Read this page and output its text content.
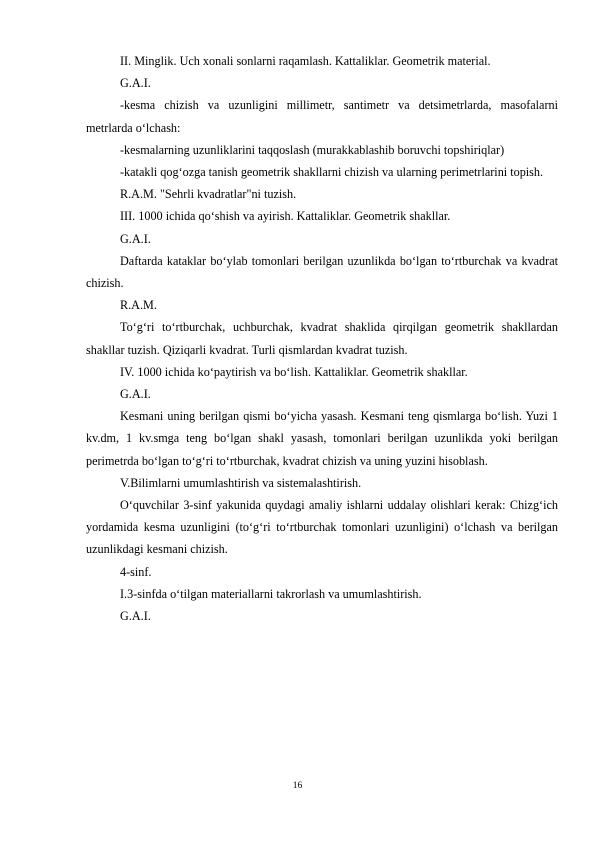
II. Minglik. Uch xonali sonlarni raqamlash. Kattaliklar. Geometrik material.

G.A.I.

-kesma chizish va uzunligini millimetr, santimetr va detsimetrlarda, masofalarni metrlarda o‘lchash:

-kesmalarning uzunliklarini taqqoslash (murakkablashib boruvchi topshiriqlar)

-katakli qog‘ozga tanish geometrik shakllarni chizish va ularning perimetrlarini topish.

R.A.M. "Sehrli kvadratlar"ni tuzish.

III. 1000 ichida qo‘shish va ayirish. Kattaliklar. Geometrik shakllar.

G.A.I.

Daftarda kataklar bo‘ylab tomonlari berilgan uzunlikda bo‘lgan to‘rtburchak va kvadrat chizish.

R.A.M.

To‘g‘ri to‘rtburchak, uchburchak, kvadrat shaklida qirqilgan geometrik shakllardan shakllar tuzish. Qiziqarli kvadrat. Turli qismlardan kvadrat tuzish.

IV. 1000 ichida ko‘paytirish va bo‘lish. Kattaliklar. Geometrik shakllar.

G.A.I.

Kesmani uning berilgan qismi bo‘yicha yasash. Kesmani teng qismlarga bo‘lish. Yuzi 1 kv.dm, 1 kv.smga teng bo‘lgan shakl yasash, tomonlari berilgan uzunlikda yoki berilgan perimetrda bo‘lgan to‘g‘ri to‘rtburchak, kvadrat chizish va uning yuzini hisoblash.

V.Bilimlarni umumlashtirish va sistemalashtirish.

O‘quvchilar 3-sinf yakunida quydagi amaliy ishlarni uddalay olishlari kerak: Chizg‘ich yordamida kesma uzunligini (to‘g‘ri to‘rtburchak tomonlari uzunligini) o‘lchash va berilgan uzunlikdagi kesmani chizish.

4-sinf.

I.3-sinfda o‘tilgan materiallarni takrorlash va umumlashtirish.

G.A.I.

16
